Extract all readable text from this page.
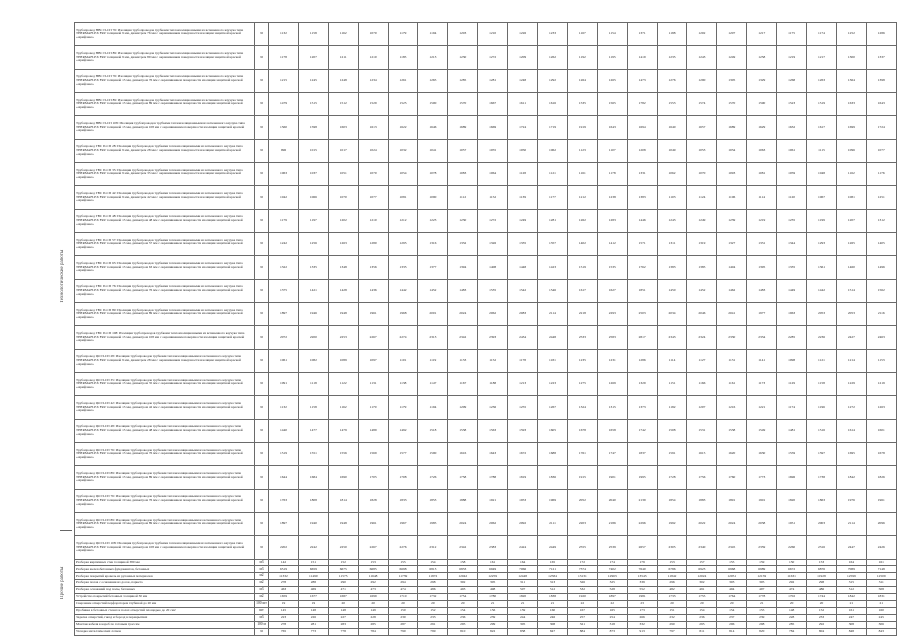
Технологические работы
Прочие работы
Трубопровод НВС П-СП 76: Изоляция трубопроводов трубками теплоизоляционными из вспененного каучука типа THERMAFLEX FRZ толщиной 9 мм, диаметром 76 мм с окрашиванием поверхности изоляции защитной краской «Армфлекс»	м	1132	1158	1162	1070	1179	1194	1203	1210	1226	1233	1167	1154	1371	1188	1202	1207	1217	1175	1174	1252	1286
Трубопровод НВС П-СП 89: Изоляция трубопроводов трубками теплоизоляционными из вспененного каучука типа THERMAFLEX FRZ толщиной 9 мм, диаметром 89 мм с окрашиванием поверхности изоляции защитной краской «Армфлекс»	м	1178	1207	1211	1210	1185	1213	1230	1272	1209	1262	1192	1195	1419	1235	1243	1249	1258	1219	1217	1300	1337
Трубопровод НВС П-СП 76: Изоляция трубопроводов трубками теплоизоляционными из вспененного каучука типа THERMAFLEX FRZ толщиной 13 мм, диаметром 76 мм с окрашиванием поверхности изоляции защитной краской «Армфлекс»	м	1215	1245	1248	1234	1261	1265	1285	1281	1248	1292	1264	1265	1473	1276	1290	1305	1329	1268	1263	1364	1398
Трубопровод НВС П-СП 89: Изоляция трубопроводов трубками теплоизоляционными из вспененного каучука типа THERMAFLEX FRZ толщиной 13 мм, диаметром 89 мм с окрашиванием поверхности изоляции защитной краской «Армфлекс»	м	1479	1515	1512	1529	1525	1500	1570	1667	1611	1616	1535	1565	1782	1553	1574	1570	1590	1523	1519	1633	1643
Трубопровод НВС П-СП 108: Изоляция трубопроводов трубками теплоизоляционными из вспененного каучука типа THERMAFLEX FRZ толщиной 13 мм, диаметром 108 мм с окрашиванием поверхности изоляции защитной краской «Армфлекс»	м	1560	1598	1603	1613	1622	1646	1689	1669	1724	1719	1919	1643	1694	1640	1657	1689	1629	1632	1617	1699	1724
Трубопровод ГВС П-СП 28: Изоляция трубопроводов трубками теплоизоляционными из вспененного каучука типа THERMAFLEX FRZ толщиной 9 мм, диаметром 28 мм с окрашиванием поверхности изоляции защитной краской «Армфлекс»	м	996	1015	1017	1024	1032	1041	1057	1055	1050	1062	1123	1107	1208	1049	1053	1034	1063	1061	1115	1096	1077
Трубопровод ГВС П-СП 35: Изоляция трубопроводов трубками теплоизоляционными из вспененного каучука типа THERMAFLEX FRZ толщиной 9 мм, диаметром 35 мм с окрашиванием поверхности изоляции защитной краской «Армфлекс»	м	1063	1037	1051	1070	1054	1078	1083	1064	1128	1121	1161	1178	1331	1062	1070	1093	1081	1059	1048	1162	1176
Трубопровод ГВС П-СП 42: Изоляция трубопроводов трубками теплоизоляционными из вспененного каучука типа THERMAFLEX FRZ толщиной 9 мм, диаметром 42 мм с окрашиванием поверхности изоляции защитной краской «Армфлекс»	м	1042	1066	1070	1077	1081	1090	1112	1152	1139	1177	1212	1238	1383	1103	1124	1106	1114	1120	1067	1081	1251
Трубопровод ГВС П-СП 48: Изоляция трубопроводов трубками теплоизоляционными из вспененного каучука типа THERMAFLEX FRZ толщиной 13 мм, диаметром 48 мм с окрашиванием поверхности изоляции защитной краской «Армфлекс»	м	1179	1197	1202	1210	1212	1223	1230	1272	1249	1281	1262	1283	1446	1243	1249	1239	1219	1235	1199	1207	1312
Трубопровод ГВС П-СП 57: Изоляция трубопроводов трубками теплоизоляционными из вспененного каучука типа THERMAFLEX FRZ толщиной 13 мм, диаметром 57 мм с окрашиванием поверхности изоляции защитной краской «Армфлекс»	м	1242	1256	1263	1280	1295	1316	1332	1326	1335	1357	1402	1412	1571	1311	1319	1327	1331	1344	1293	1265	1405
Трубопровод ГВС П-СП 63: Изоляция трубопроводов трубками теплоизоляционными из вспененного каучука типа THERMAFLEX FRZ толщиной 13 мм, диаметром 63 мм с окрашиванием поверхности изоляции защитной краской «Армфлекс»	м	1322	1335	1348	1356	1335	1377	1394	1408	1448	1423	1519	1535	1762	1383	1385	1404	1395	1335	1361	1460	1496
Трубопровод ГВС П-СП 76: Изоляция трубопроводов трубками теплоизоляционными из вспененного каучука типа THERMAFLEX FRZ толщиной 13 мм, диаметром 76 мм с окрашиванием поверхности изоляции защитной краской «Армфлекс»	м	1375	1421	1428	1436	1442	1452	1483	1535	1542	1546	1617	1627	1851	1450	1452	1462	1483	1449	1442	1514	1562
Трубопровод ГВС П-СП 89: Изоляция трубопроводов трубками теплоизоляционными из вспененного каучука типа THERMAFLEX FRZ толщиной 13 мм, диаметром 89 мм с окрашиванием поверхности изоляции защитной краской «Армфлекс»	м	1897	1946	1948	1961	1968	2001	2024	2062	2083	2114	2218	2293	2503	2034	2046	2041	1977	1963	2053	2053	2116
Трубопровод ГВС П-СП 108: Изоляция трубопроводов трубками теплоизоляционными из вспененного каучука типа THERMAFLEX FRZ толщиной 13 мм, диаметром 108 мм с окрашиванием поверхности изоляции защитной краской «Армфлекс»	м	2072	2200	2253	2267	2274	2313	2342	2393	2434	2448	2533	2583	2817	2343	2324	2330	2334	2285	2236	2427	2463
Трубопровод ЦО П-СП 28: Изоляция трубопроводов трубками теплоизоляционными из вспененного каучука типа THERMAFLEX FRZ толщиной 9 мм, диаметром 28 мм с окрашиванием поверхности изоляции защитной краской «Армфлекс»	м	1061	1082	1089	1097	1101	1119	1133	1152	1178	1181	1235	1231	1286	1114	1127	1131	1141	1098	1121	1214	1153
Трубопровод ЦО П-СП 35: Изоляция трубопроводов трубками теплоизоляционными из вспененного каучука типа THERMAFLEX FRZ толщиной 13 мм, диаметром 35 мм с окрашиванием поверхности изоляции защитной краской «Армфлекс»	м	1091	1118	1122	1131	1138	1147	1167	1188	1213	1223	1275	1269	1329	1151	1166	1161	1173	1129	1158	1229	1219
Трубопровод ЦО П-СП 42: Изоляция трубопроводов трубками теплоизоляционными из вспененного каучука типа THERMAFLEX FRZ толщиной 13 мм, диаметром 42 мм с окрашиванием поверхности изоляции защитной краской «Армфлекс»	м	1132	1158	1162	1170	1179	1194	1209	1236	1255	1267	1324	1315	1373	1182	1207	1216	1221	1174	1196	1272	1263
Трубопровод ЦО П-СП 48: Изоляция трубопроводов трубками теплоизоляционными из вспененного каучука типа THERMAFLEX FRZ толщиной 13 мм, диаметром 48 мм с окрашиванием поверхности изоляции защитной краской «Армфлекс»	м	1440	1477	1479	1489	1492	1518	1538	1563	1593	1605	1678	1658	1742	1508	1531	1538	1549	1481	1516	1614	1601
Трубопровод ЦО П-СП 76: Изоляция трубопроводов трубками теплоизоляционными из вспененного каучука типа THERMAFLEX FRZ толщиной 13 мм, диаметром 76 мм с окрашиванием поверхности изоляции защитной краской «Армфлекс»	м	1519	1551	1556	1569	1577	1590	1616	1643	1672	1688	1761	1747	1837	1591	1615	1620	1630	1559	1597	1695	1678
Трубопровод ЦО П-СП 89: Изоляция трубопроводов трубками теплоизоляционными из вспененного каучука типа THERMAFLEX FRZ толщиной 13 мм, диаметром 89 мм с окрашиванием поверхности изоляции защитной краской «Армфлекс»	м	1644	1684	1690	1705	1708	1726	1758	1788	1819	1836	1915	1901	1995	1728	1756	1760	1773	1696	1738	1842	1826
Трубопровод ЦО П-СП 76: Изоляция трубопроводов трубками теплоизоляционными из вспененного каучука типа THERMAFLEX FRZ толщиной 19 мм, диаметром 76 мм с окрашиванием поверхности изоляции защитной краской «Армфлекс»	м	1763	1808	1814	1828	1833	1853	1888	1921	1953	1969	2052	2040	2139	1854	1883	1891	1901	1820	1863	1976	1961
Трубопровод ЦО П-СП 89: Изоляция трубопроводов трубками теплоизоляционными из вспененного каучука типа THERMAFLEX FRZ толщиной 19 мм, диаметром 89 мм с окрашиванием поверхности изоляции защитной краской «Армфлекс»	м	1897	1940	1948	1961	1967	1985	2024	2062	2092	2111	2203	2186	2296	1992	2022	2024	2038	1951	2003	2114	2096
Трубопровод ЦО П-СП 108: Изоляция трубопроводов трубками теплоизоляционными из вспененного каучука типа THERMAFLEX FRZ толщиной 19 мм, диаметром 108 мм с окрашиванием поверхности изоляции защитной краской «Армфлекс»	м	2202	2242	2250	2267	2276	2312	2342	2383	2424	2449	2555	2539	2657	2305	2340	2345	2359	2260	2316	2447	2426
Разборка кирпичных стен толщиной 380 мм	м3	142	151	152	153	155	154	158	161	164	165	172	174	179	153	157	155	159	150	153	164	161
Разборка железобетонных фундаментов, бетонных	м3	6519	6659	6675	6685	6698	6813	6833	6949	7066	7121	7374	7402	7640	6786	6923	6968	6989	6672	6876	7089	7148
Разборка покрытий кровель из рулонных материалов	м2	11332	11490	11575	11648	11739	11872	12042	12259	12448	12584	13131	12963	13543	11842	12024	12051	12159	11631	11928	12599	12509
Разборка полов с основания из досок, паркета	м2	278	288	290	292	294	298	302	305	311	313	326	325	339	296	302	303	305	292	298	315	311
Разборка оснований под полы, бетонных	м3	463	469	471	473	474	486	493	498	507	512	532	528	552	482	491	494	497	474	486	512	508
Устройство покрытий бетонных толщиной 30 мм	м2	1659	1677	1687	1699	1710	1732	1754	1780	1820	1838	1920	1897	1981	1733	1755	1764	1778	1702	1744	1842	1831
Сверление отверстий перфоратором глубиной до 20 мм	100 шт	19	19	20	20	20	20	20	21	21	21	22	22	23	20	20	20	21	20	20	21	21
Пробивка в бетонных стенах и полах отверстий площадью до 20 см2	шт	145	148	148	149	150	152	154	156	159	160	167	165	173	151	154	154	155	148	152	161	160
Заделка отверстий, гнезд и борозд в перекрытиях	м3	223	226	227	228	230	233	236	239	244	246	257	254	266	232	236	237	239	228	233	247	245
Монтаж кабеля в короб по готовым трассам	100 м	278	281	283	285	287	291	295	299	305	308	321	318	332	290	295	296	298	285	292	308	306
Укладка металлических лотков	м	765	773	778	784	790	799	810	822	838	847	884	873	913	797	811	814	820	784	804	848	843
